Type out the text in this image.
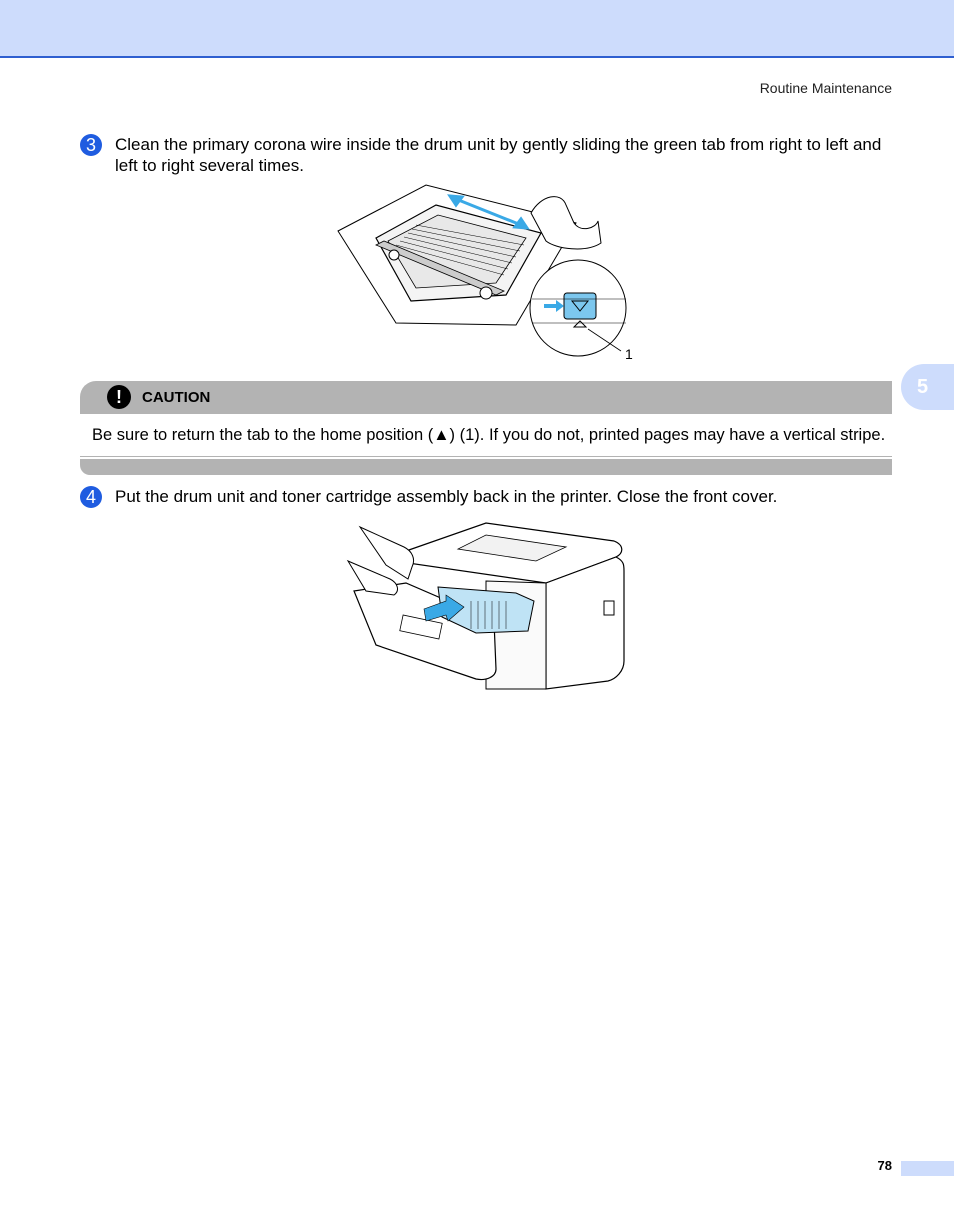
Routine Maintenance
3	Clean the primary corona wire inside the drum unit by gently sliding the green tab from right to left and left to right several times.
1
!	CAUTION
Be sure to return the tab to the home position (▲) (1). If you do not, printed pages may have a vertical stripe.
5
4	Put the drum unit and toner cartridge assembly back in the printer. Close the front cover.
78
